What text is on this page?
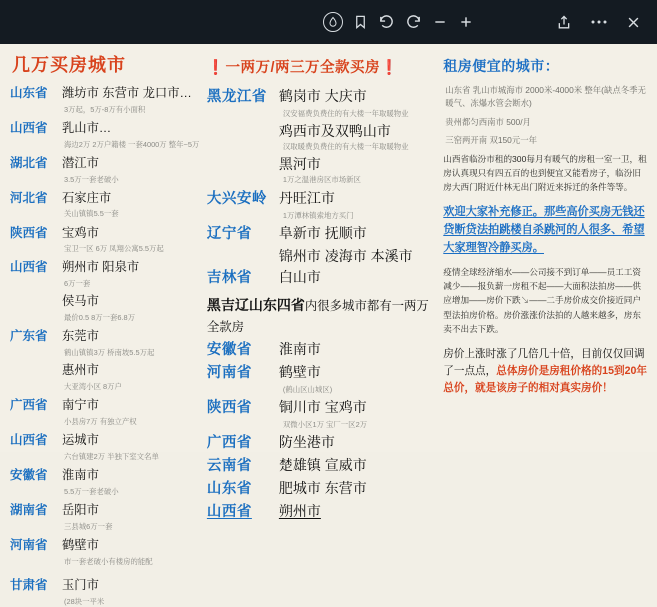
几万买房城市
山东省	潍坊市 东营市 龙口市…
3万起，5万-8万有小面积
山西省	乳山市…
海边2万 2万户籍楼 一套4000万 整年~5万
湖北省	潜江市
3.5万一套老破小
河北省	石家庄市
关山镇镇5.5一套
陕西省	宝鸡市
宝卫一区 6万 凤翔公寓5.5万起
山西省	朔州市 阳泉市
6万一套
侯马市
最价0.5 8万一套6.8万
广东省	东莞市
鹤山镇镇3万 桥南坡5.5万起
惠州市
大亚湾小区 8万户
广西省	南宁市
小县房7万 有独立产权
山西省	运城市
六台镇建2万 半独下室文名单
安徽省	淮南市
5.5万一套老破小
湖南省	岳阳市
三县城6万一套
河南省	鹤壁市
市一套老破小有楼房的能配
甘肃省	玉门市
(28块一平米
❗一两万/两三万全款买房❗
黑龙江省 鹤岗市 大庆市
汉安福费负费住的有大楼一年取暖物业
鸡西市及双鸭山市
汉取暖费负费住的有大楼一年取暖物业
黑河市
1万之温港房区市场新区
大兴安岭 丹旺江市
1万潭林镇索地方买门
辽宁省	阜新市 抚顺市
锦州市 凌海市 本溪市
吉林省	白山市
黑吉辽山东四省内很多城市都有一两万全款房
安徽省	淮南市
河南省	鹤壁市
(鹤山区山城区)
陕西省	铜川市 宝鸡市
双微小区1万 宝厂一区2万
广西省	防坐港市
云南省	楚雄镇 宣威市
山东省	肥城市 东营市
山西省	朔州市
租房便宜的城市：
山东省 乳山市城海市 2000米-4000米 整年(缺点冬季无暖气、冻爆水管会断水)
贵州都匀西南市 500/月
三窑两开南 双150元一年
山西省临汾市租的300每月有暖气的房租一室一卫，租房认真现只有四五百的也到便宜又能看房子，临汾旧房大西门附近什林无出门附近来拆迁的条件等等。
欢迎大家补充修正。那些高价买房无钱还贷断贷法拍跳楼自杀跳河的人很多、希望大家理智冷静买房。
疫情全球经济缩水——公司接不到订单——员工工资减少——报负薪一房租不起——大面积法拍房——供应增加——房价下跌↘——二手房价成交价接近同户型法拍房价格。房价涨涨价法拍的人越来越多，房东卖不出去下跌。
房价上涨时涨了几倍几十倍，目前仅仅回调了一点点，总体房价是房租价格的15到20年总价，就是该房子的相对真实房价！
